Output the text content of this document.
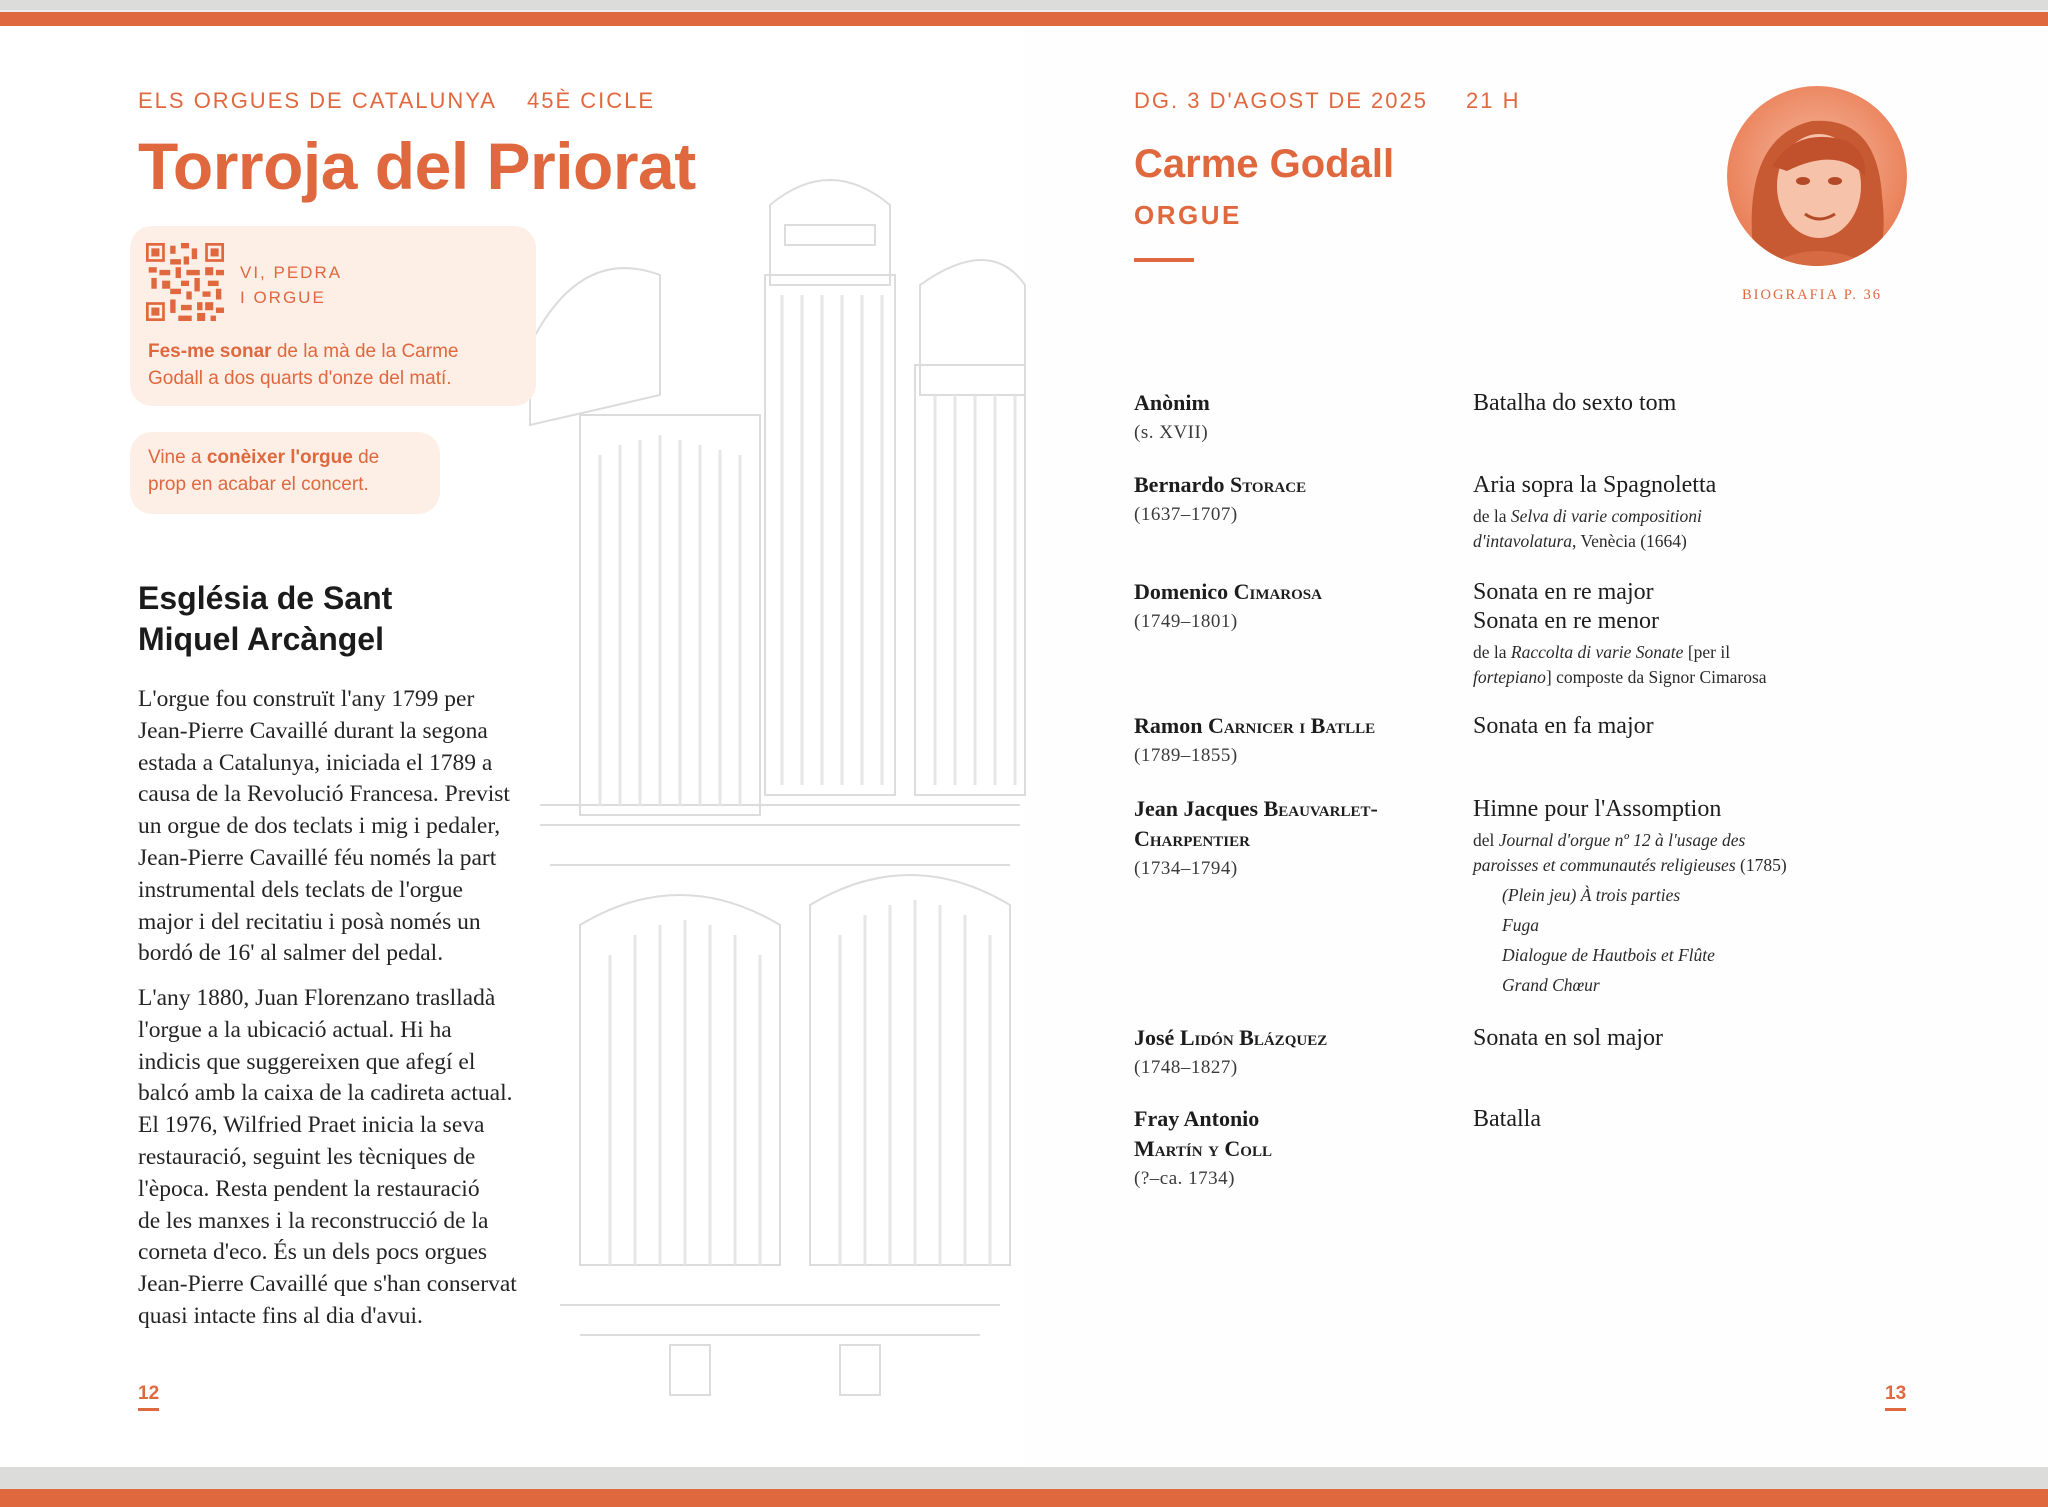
ELS ORGUES DE CATALUNYA 45È CICLE
Torroja del Priorat
VI, PEDRA
I ORGUE
Fes-me sonar de la mà de la Carme
Godall a dos quarts d'onze del matí.
Vine a conèixer l'orgue de
prop en acabar el concert.
Església de Sant
Miquel Arcàngel
L'orgue fou construït l'any 1799 per
Jean-Pierre Cavaillé durant la segona
estada a Catalunya, iniciada el 1789 a
causa de la Revolució Francesa. Previst
un orgue de dos teclats i mig i pedaler,
Jean-Pierre Cavaillé féu només la part
instrumental dels teclats de l'orgue
major i del recitatiu i posà només un
bordó de 16' al salmer del pedal.
L'any 1880, Juan Florenzano traslladà
l'orgue a la ubicació actual. Hi ha
indicis que suggereixen que afegí el
balcó amb la caixa de la cadireta actual.
El 1976, Wilfried Praet inicia la seva
restauració, seguint les tècniques de
l'època. Resta pendent la restauració
de les manxes i la reconstrucció de la
corneta d'eco. És un dels pocs orgues
Jean-Pierre Cavaillé que s'han conservat
quasi intacte fins al dia d'avui.
12
DG. 3 D'AGOST DE 2025 21 H
Carme Godall
ORGUE
BIOGRAFIA P. 36
Anònim
(s. XVII)
Batalha do sexto tom
Bernardo Storace
(1637–1707)
Aria sopra la Spagnoletta
de la Selva di varie compositioni
d'intavolatura, Venècia (1664)
Domenico Cimarosa
(1749–1801)
Sonata en re major
Sonata en re menor
de la Raccolta di varie Sonate [per il
fortepiano] composte da Signor Cimarosa
Ramon Carnicer i Batlle
(1789–1855)
Sonata en fa major
Jean Jacques Beauvarlet-
Charpentier
(1734–1794)
Himne pour l'Assomption
del Journal d'orgue nº 12 à l'usage des
paroisses et communautés religieuses (1785)
(Plein jeu) À trois parties
Fuga
Dialogue de Hautbois et Flûte
Grand Chœur
José Lidón Blázquez
(1748–1827)
Sonata en sol major
Fray Antonio
Martín y Coll
(?–ca. 1734)
Batalla
13
